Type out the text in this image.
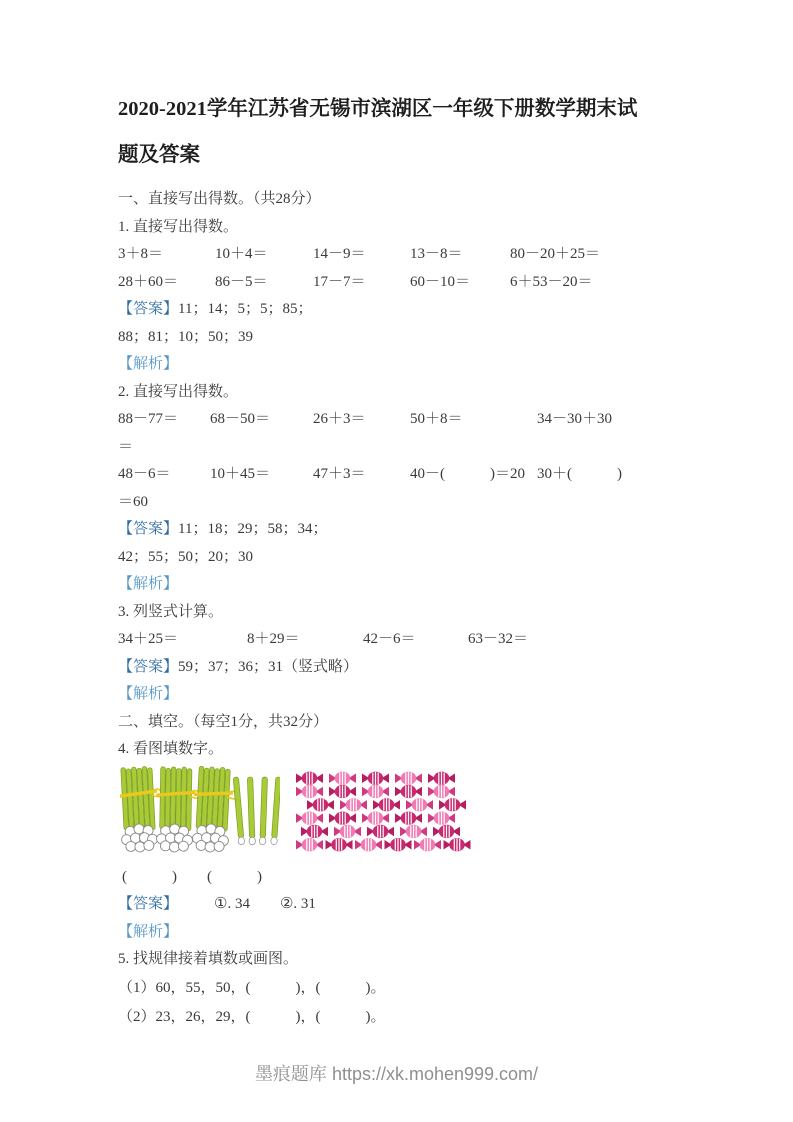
2020-2021学年江苏省无锡市滨湖区一年级下册数学期末试
题及答案

一、直接写出得数。（共28分）

1. 直接写出得数。

3＋8＝	10＋4＝	14－9＝	13－8＝	80－20＋25＝
28＋60＝	86－5＝	17－7＝	60－10＝	6＋53－20＝

【答案】11；14；5；5；85；

88；81；10；50；39

【解析】

2. 直接写出得数。

88－77＝	68－50＝	26＋3＝	50＋8＝	34－30＋30

＝

48－6＝	10＋45＝	47＋3＝	40－(　　　)＝20 30＋(　　　)

＝60

【答案】11；18；29；58；34；

42；55；50；20；30

【解析】

3. 列竖式计算。

34＋25＝	8＋29＝	42－6＝	63－32＝

【答案】59；37；36；31（竖式略）

【解析】

二、填空。（每空1分，共32分）

4. 看图填数字。

(　　　)　　(　　　)

【答案】 ①. 34　　②. 31

【解析】

5. 找规律接着填数或画图。

（1）60，55，50，(　　　)，(　　　)。

（2）23，26，29，(　　　)，(　　　)。

墨痕题库 https://xk.mohen999.com/
